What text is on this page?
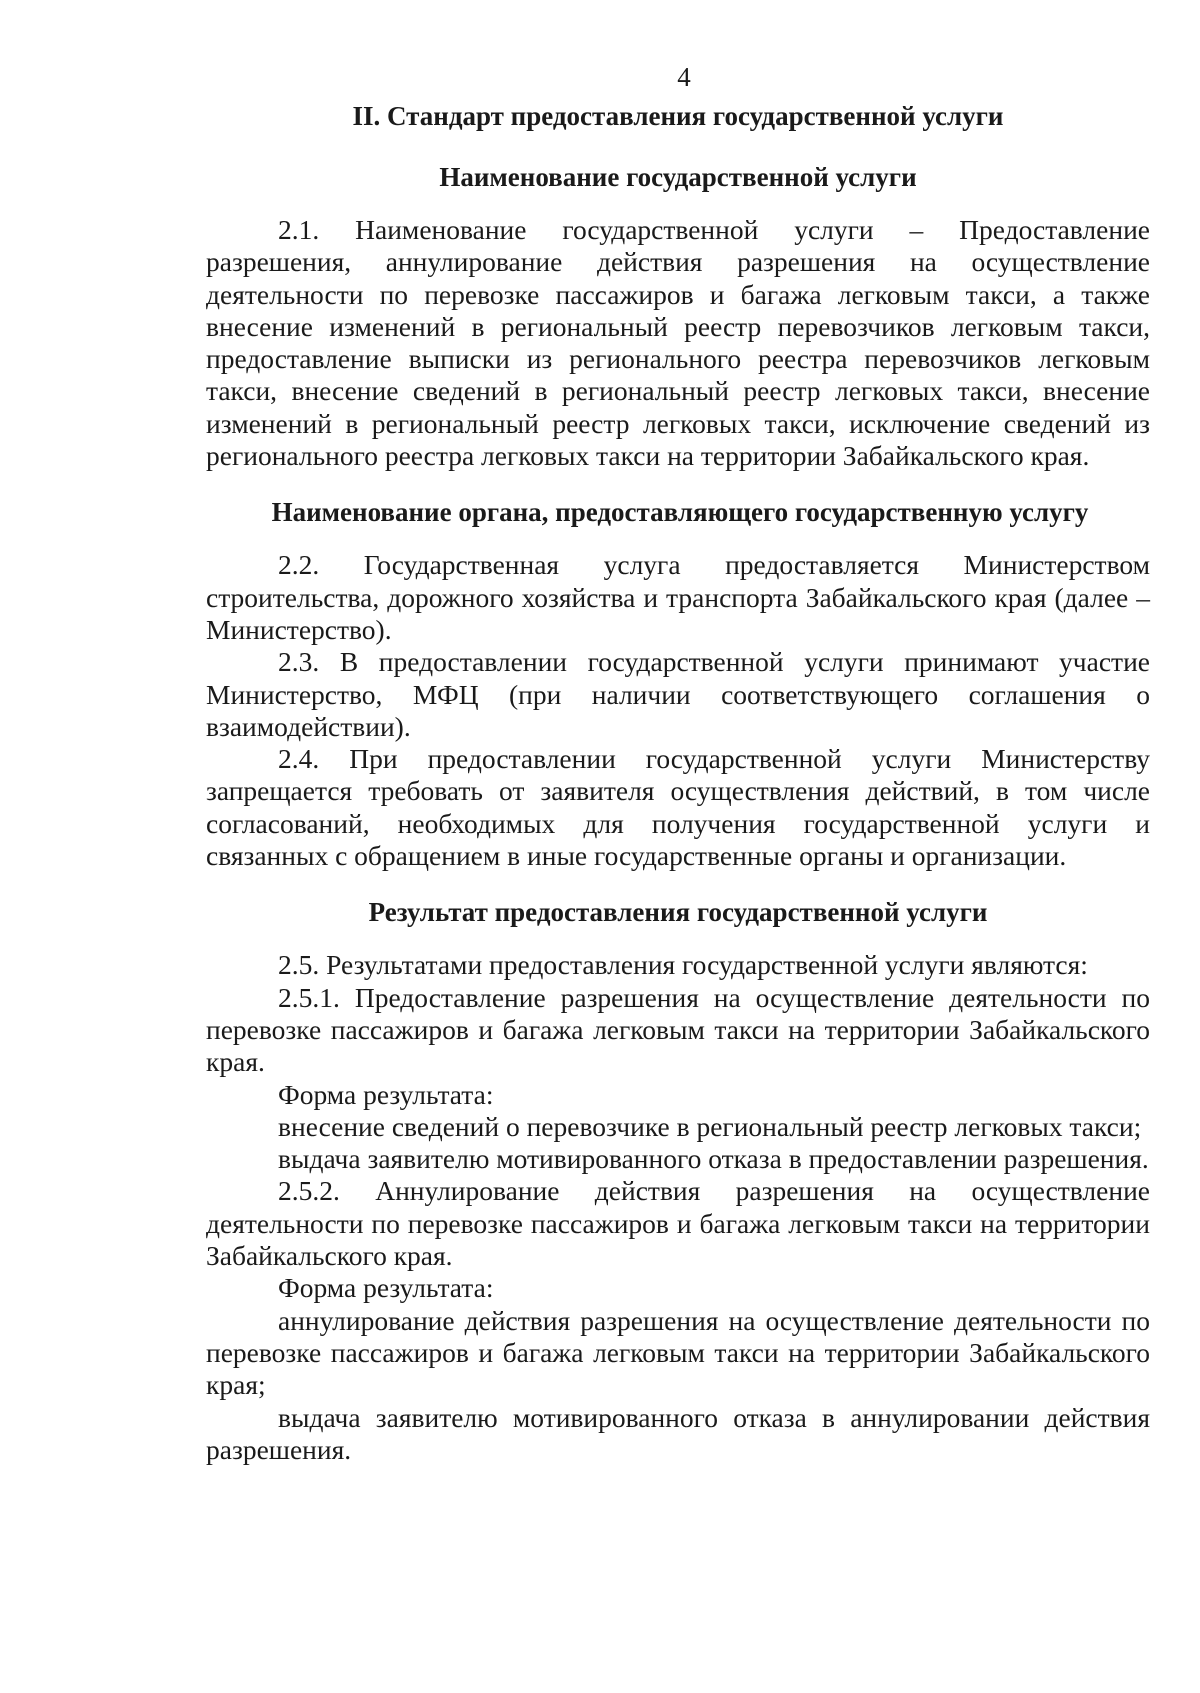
4
II. Стандарт предоставления государственной услуги
Наименование государственной услуги

2.1. Наименование государственной услуги – Предоставление разрешения, аннулирование действия разрешения на осуществление деятельности по перевозке пассажиров и багажа легковым такси, а также внесение изменений в региональный реестр перевозчиков легковым такси, предоставление выписки из регионального реестра перевозчиков легковым такси, внесение сведений в региональный реестр легковых такси, внесение изменений в региональный реестр легковых такси, исключение сведений из регионального реестра легковых такси на территории Забайкальского края.

Наименование органа, предоставляющего государственную услугу

2.2. Государственная услуга предоставляется Министерством строительства, дорожного хозяйства и транспорта Забайкальского края (далее – Министерство).

2.3. В предоставлении государственной услуги принимают участие Министерство, МФЦ (при наличии соответствующего соглашения о взаимодействии).

2.4. При предоставлении государственной услуги Министерству запрещается требовать от заявителя осуществления действий, в том числе согласований, необходимых для получения государственной услуги и связанных с обращением в иные государственные органы и организации.

Результат предоставления государственной услуги

2.5. Результатами предоставления государственной услуги являются:

2.5.1. Предоставление разрешения на осуществление деятельности по перевозке пассажиров и багажа легковым такси на территории Забайкальского края.

Форма результата:

внесение сведений о перевозчике в региональный реестр легковых такси;

выдача заявителю мотивированного отказа в предоставлении разрешения.

2.5.2. Аннулирование действия разрешения на осуществление деятельности по перевозке пассажиров и багажа легковым такси на территории Забайкальского края.

Форма результата:

аннулирование действия разрешения на осуществление деятельности по перевозке пассажиров и багажа легковым такси на территории Забайкальского края;

выдача заявителю мотивированного отказа в аннулировании действия разрешения.
